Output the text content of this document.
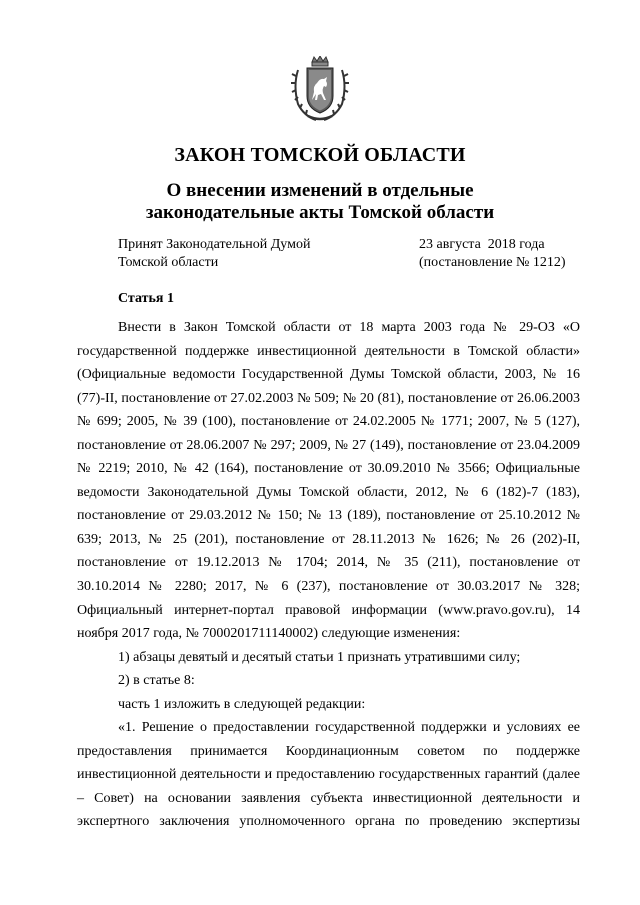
ЗАКОН ТОМСКОЙ ОБЛАСТИ
О внесении изменений в отдельные
законодательные акты Томской области
Принят Законодательной Думой
Томской области
23 августа  2018 года
(постановление № 1212)
Статья 1

Внести в Закон Томской области от 18 марта 2003 года № 29-ОЗ «О государственной поддержке инвестиционной деятельности в Томской области» (Официальные ведомости Государственной Думы Томской области, 2003, № 16 (77)-II, постановление от 27.02.2003 № 509; № 20 (81), постановление от 26.06.2003 № 699; 2005, № 39 (100), постановление от 24.02.2005 № 1771; 2007, № 5 (127), постановление от 28.06.2007 № 297; 2009, № 27 (149), постановление от 23.04.2009 № 2219; 2010, № 42 (164), постановление от 30.09.2010 № 3566; Официальные ведомости Законодательной Думы Томской области, 2012, № 6 (182)-7 (183), постановление от 29.03.2012 № 150; № 13 (189), постановление от 25.10.2012 № 639; 2013, № 25 (201), постановление от 28.11.2013 № 1626; № 26 (202)-II, постановление от 19.12.2013 № 1704; 2014, № 35 (211), постановление от 30.10.2014 № 2280; 2017, № 6 (237), постановление от 30.03.2017 № 328; Официальный интернет-портал правовой информации (www.pravo.gov.ru), 14 ноября 2017 года, № 7000201711140002) следующие изменения:

1) абзацы девятый и десятый статьи 1 признать утратившими силу;

2) в статье 8:

часть 1 изложить в следующей редакции:

«1. Решение о предоставлении государственной поддержки и условиях ее предоставления принимается Координационным советом по поддержке инвестиционной деятельности и предоставлению государственных гарантий (далее – Совет) на основании заявления субъекта инвестиционной деятельности и экспертного заключения уполномоченного органа по проведению экспертизы
